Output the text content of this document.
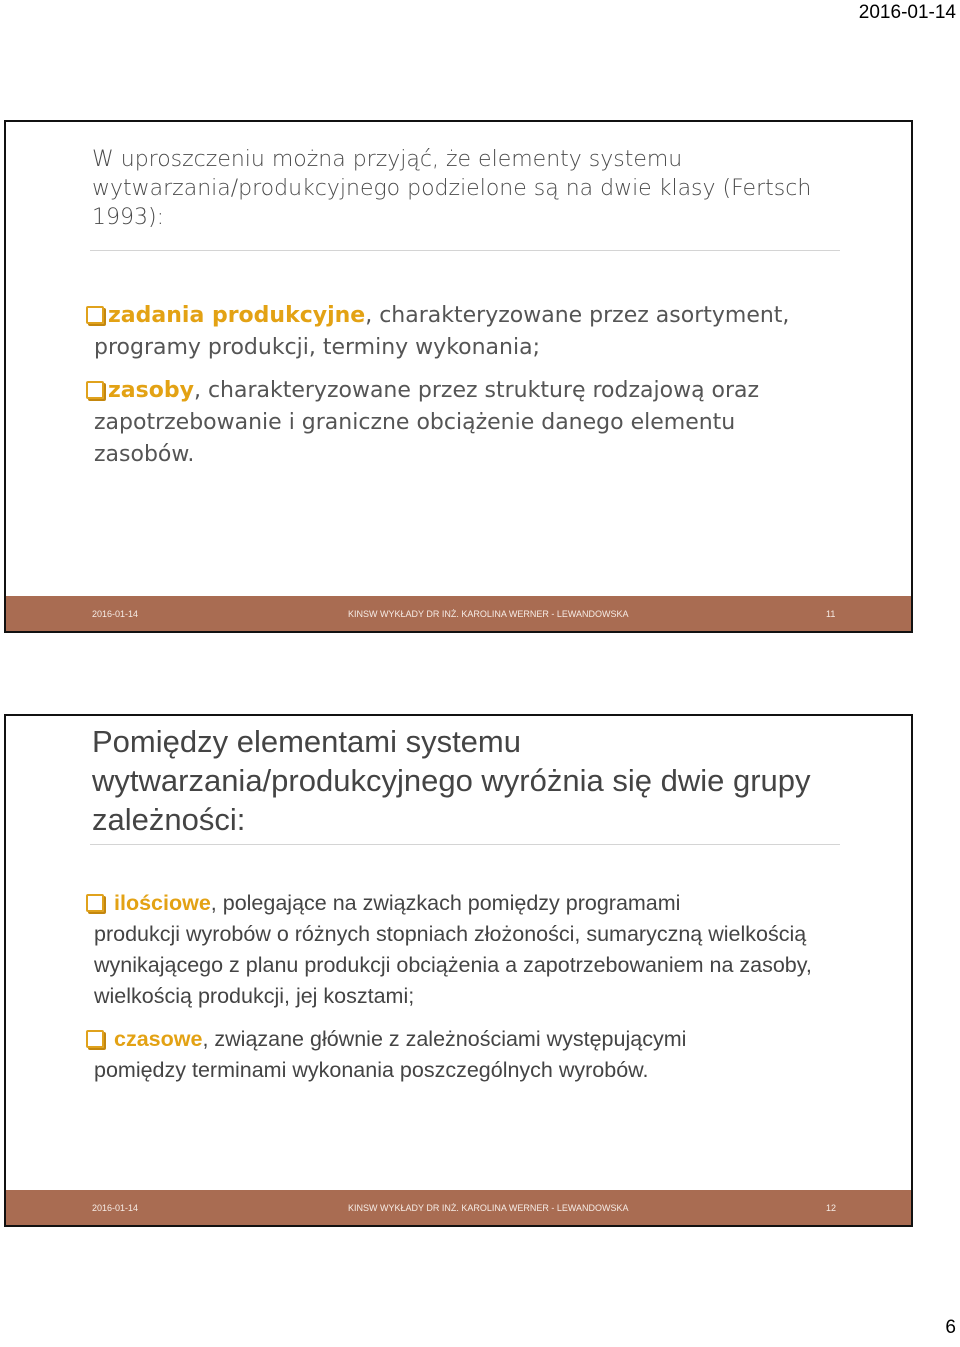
2016-01-14
W uproszczeniu można przyjąć, że elementy systemu wytwarzania/produkcyjnego podzielone są na dwie klasy (Fertsch 1993):
zadania produkcyjne, charakteryzowane przez asortyment,
programy produkcji, terminy wykonania;
zasoby, charakteryzowane przez strukturę rodzajową oraz
zapotrzebowanie i graniczne obciążenie danego elementu zasobów.
2016-01-14	KINSW WYKŁADY DR INŻ. KAROLINA WERNER - LEWANDOWSKA	11
Pomiędzy elementami systemu wytwarzania/produkcyjnego wyróżnia się dwie grupy zależności:
ilościowe, polegające na związkach pomiędzy programami
produkcji wyrobów o różnych stopniach złożoności, sumaryczną wielkością wynikającego z planu produkcji obciążenia a zapotrzebowaniem na zasoby, wielkością produkcji, jej kosztami;
czasowe, związane głównie z zależnościami występującymi
pomiędzy terminami wykonania poszczególnych wyrobów.
2016-01-14	KINSW WYKŁADY DR INŻ. KAROLINA WERNER - LEWANDOWSKA	12
6
